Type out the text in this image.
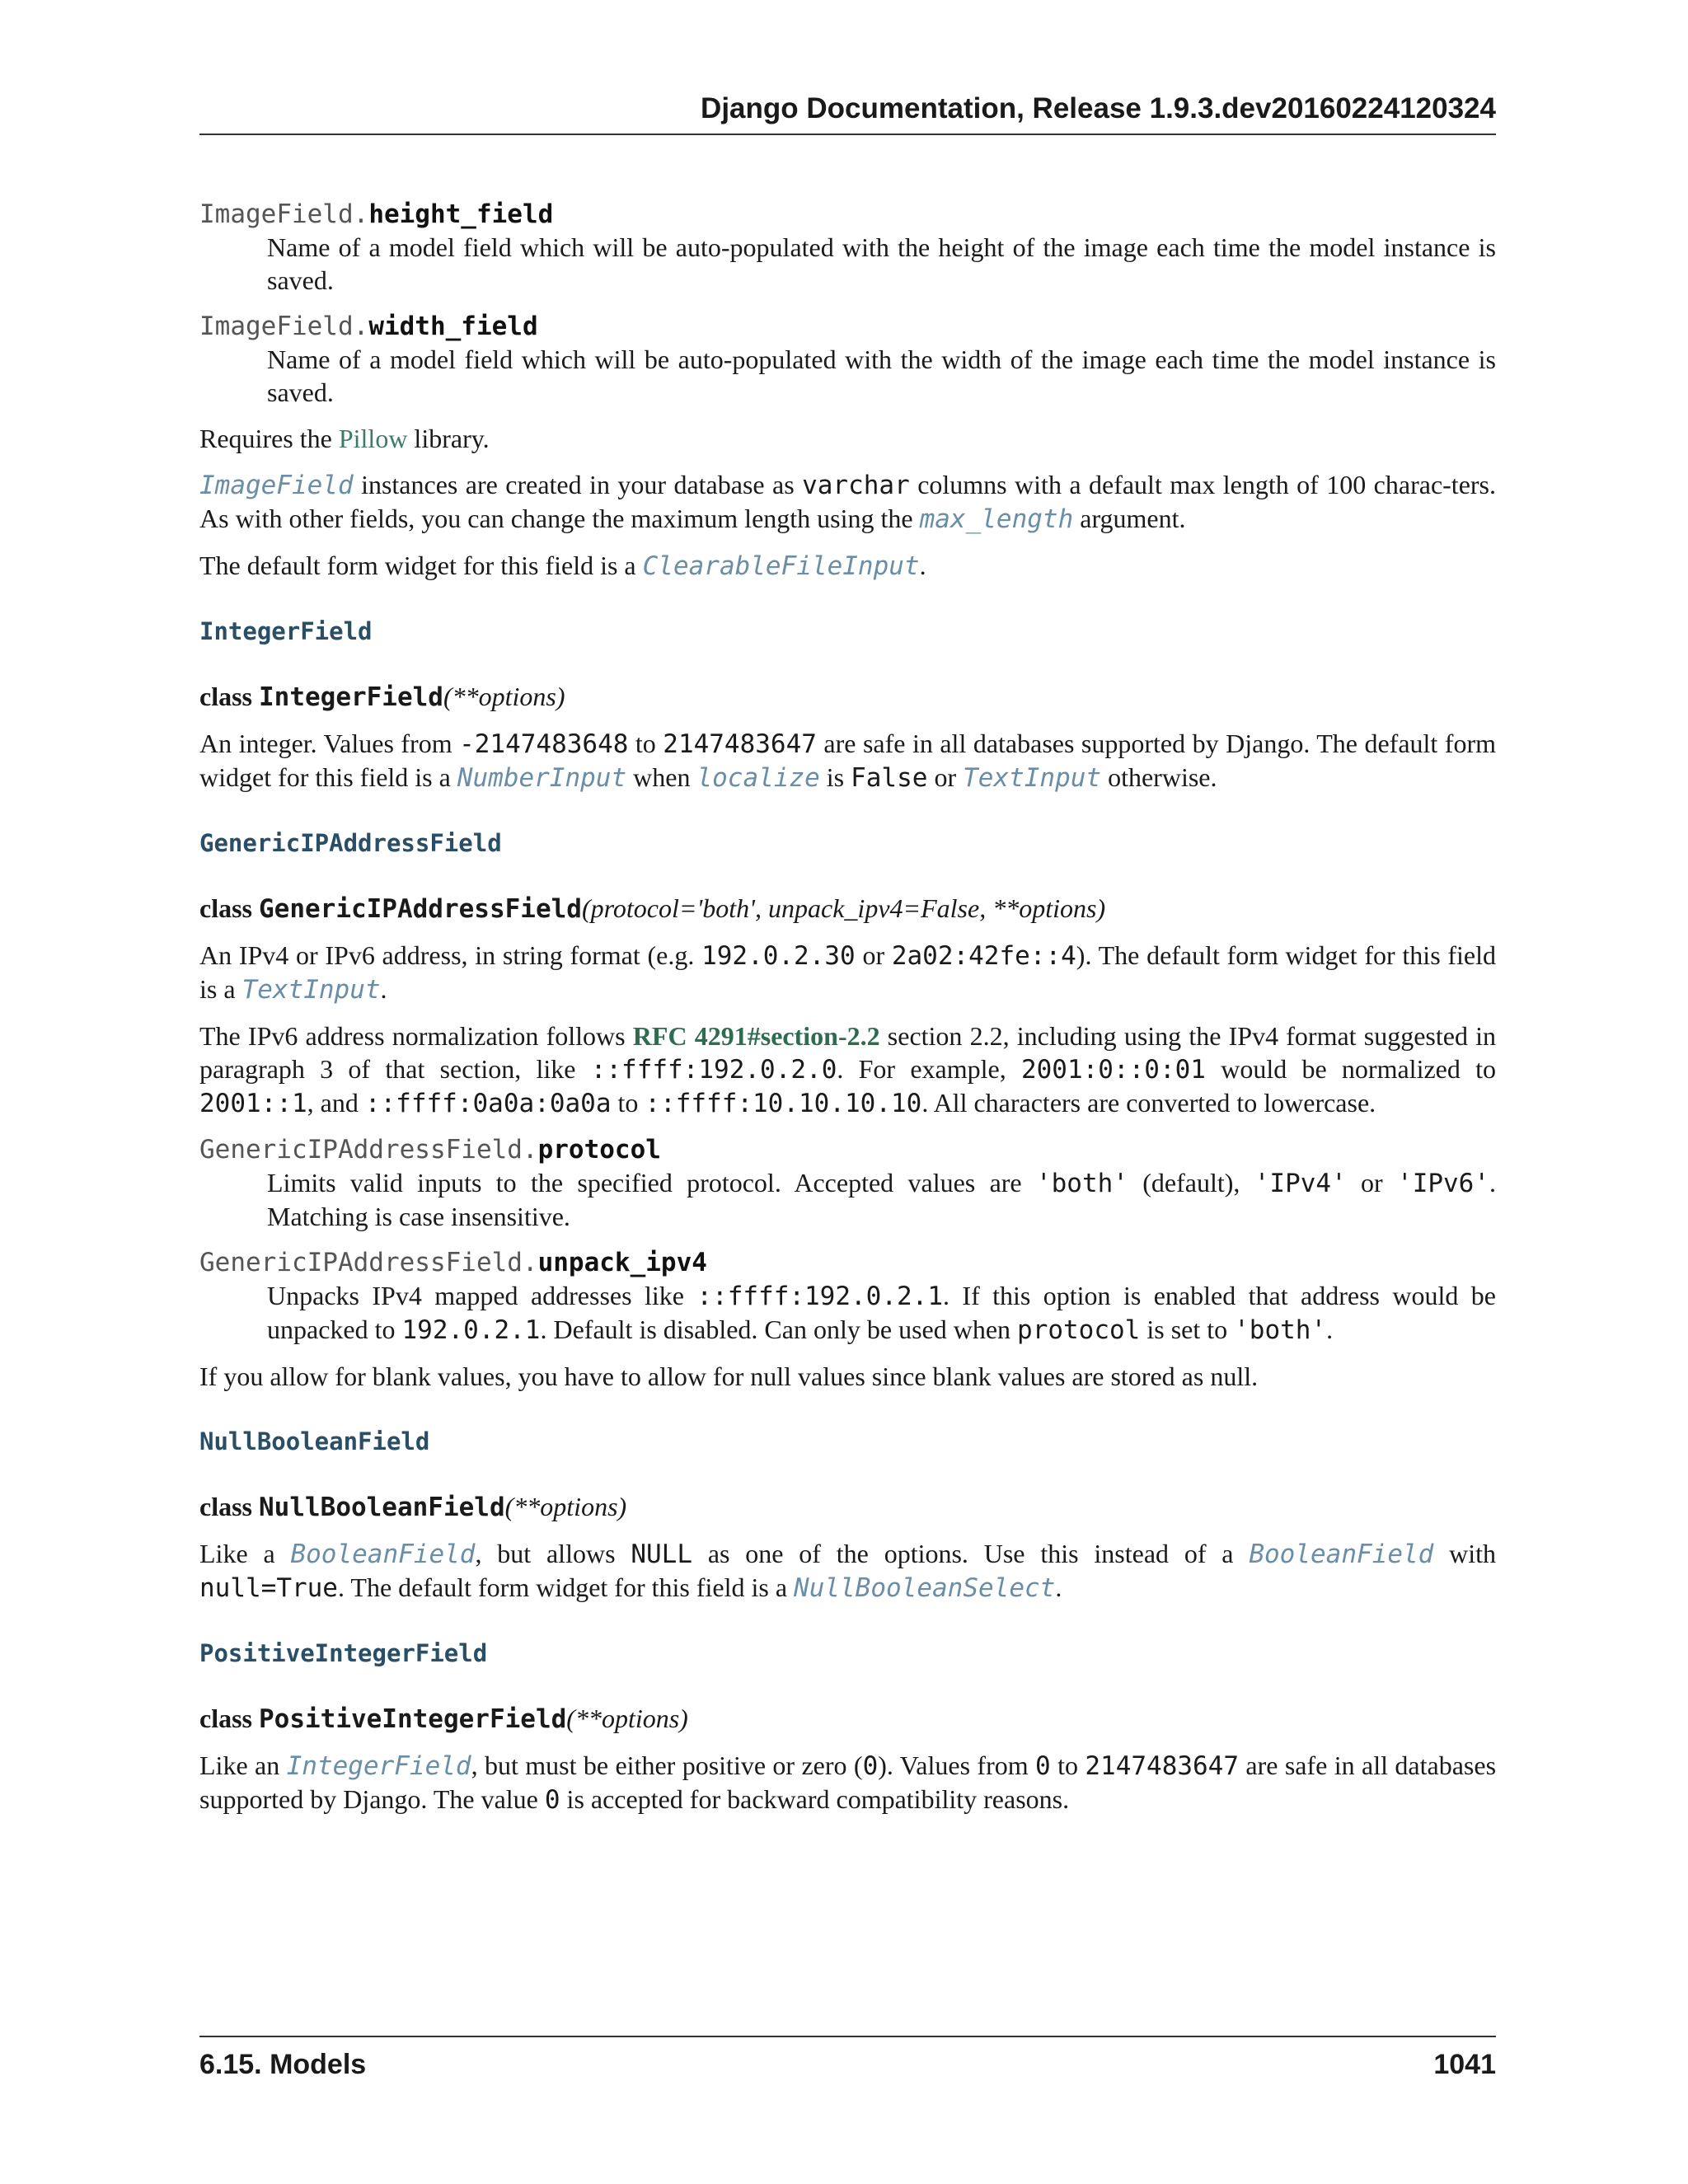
Django Documentation, Release 1.9.3.dev20160224120324
ImageField.height_field
Name of a model field which will be auto-populated with the height of the image each time the model instance is saved.
ImageField.width_field
Name of a model field which will be auto-populated with the width of the image each time the model instance is saved.

Requires the Pillow library.

ImageField instances are created in your database as varchar columns with a default max length of 100 charac-ters. As with other fields, you can change the maximum length using the max_length argument.

The default form widget for this field is a ClearableFileInput.

IntegerField
class IntegerField(**options)

An integer. Values from -2147483648 to 2147483647 are safe in all databases supported by Django. The default form widget for this field is a NumberInput when localize is False or TextInput otherwise.

GenericIPAddressField
class GenericIPAddressField(protocol='both', unpack_ipv4=False, **options)

An IPv4 or IPv6 address, in string format (e.g. 192.0.2.30 or 2a02:42fe::4). The default form widget for this field is a TextInput.

The IPv6 address normalization follows RFC 4291#section-2.2 section 2.2, including using the IPv4 format suggested in paragraph 3 of that section, like ::ffff:192.0.2.0. For example, 2001:0::0:01 would be normalized to 2001::1, and ::ffff:0a0a:0a0a to ::ffff:10.10.10.10. All characters are converted to lowercase.

GenericIPAddressField.protocol
Limits valid inputs to the specified protocol. Accepted values are 'both' (default), 'IPv4' or 'IPv6'. Matching is case insensitive.
GenericIPAddressField.unpack_ipv4
Unpacks IPv4 mapped addresses like ::ffff:192.0.2.1. If this option is enabled that address would be unpacked to 192.0.2.1. Default is disabled. Can only be used when protocol is set to 'both'.

If you allow for blank values, you have to allow for null values since blank values are stored as null.

NullBooleanField
class NullBooleanField(**options)

Like a BooleanField, but allows NULL as one of the options. Use this instead of a BooleanField with null=True. The default form widget for this field is a NullBooleanSelect.

PositiveIntegerField
class PositiveIntegerField(**options)

Like an IntegerField, but must be either positive or zero (0). Values from 0 to 2147483647 are safe in all databases supported by Django. The value 0 is accepted for backward compatibility reasons.

6.15. Models	1041
